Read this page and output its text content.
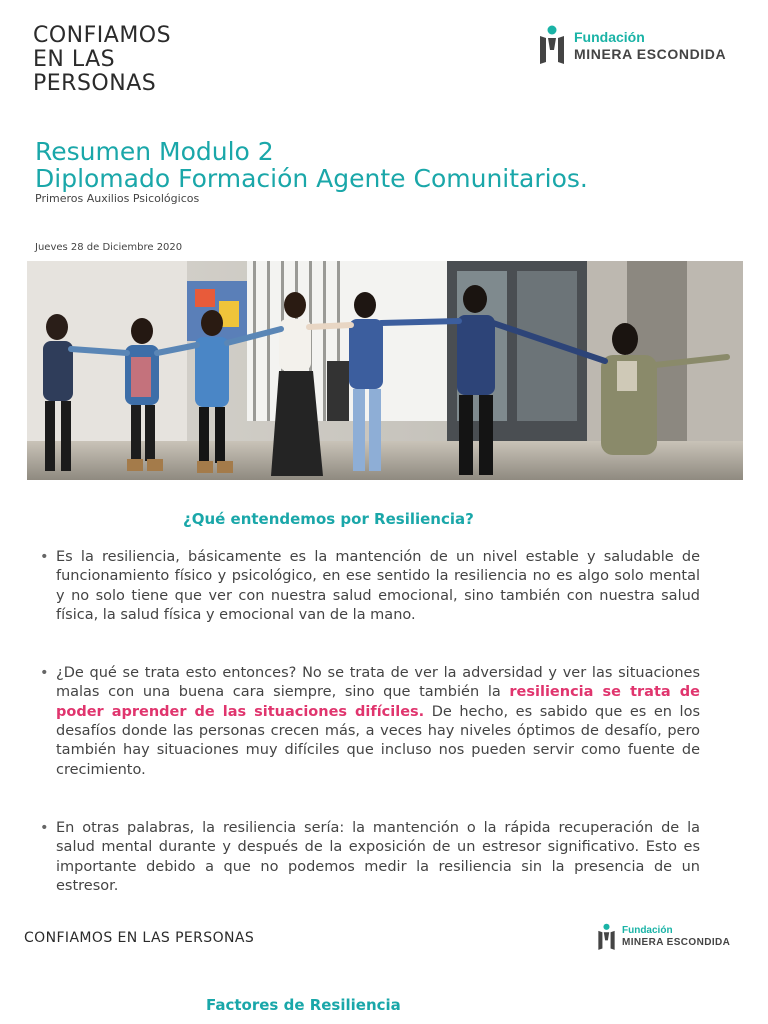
CONFIAMOS
EN LAS
PERSONAS
Fundación
MINERA ESCONDIDA
Resumen Modulo 2
Diplomado Formación Agente Comunitarios.
Primeros Auxilios Psicológicos
Jueves 28 de Diciembre 2020
¿Qué entendemos por Resiliencia?
• Es la resiliencia, básicamente es la mantención de un nivel estable y saludable de funcionamiento físico y psicológico, en ese sentido la resiliencia no es algo solo mental y no solo tiene que ver con nuestra salud emocional, sino también con nuestra salud física, la salud física y emocional van de la mano.
• ¿De qué se trata esto entonces? No se trata de ver la adversidad y ver las situaciones malas con una buena cara siempre, sino que también la resiliencia se trata de poder aprender de las situaciones difíciles. De hecho, es sabido que es en los desafíos donde las personas crecen más, a veces hay niveles óptimos de desafío, pero también hay situaciones muy difíciles que incluso nos pueden servir como fuente de crecimiento.
• En otras palabras, la resiliencia sería: la mantención o la rápida recuperación de la salud mental durante y después de la exposición de un estresor significativo. Esto es importante debido a que no podemos medir la resiliencia sin la presencia de un estresor.
CONFIAMOS EN LAS PERSONAS	Fundación
MINERA ESCONDIDA
Factores de Resiliencia
